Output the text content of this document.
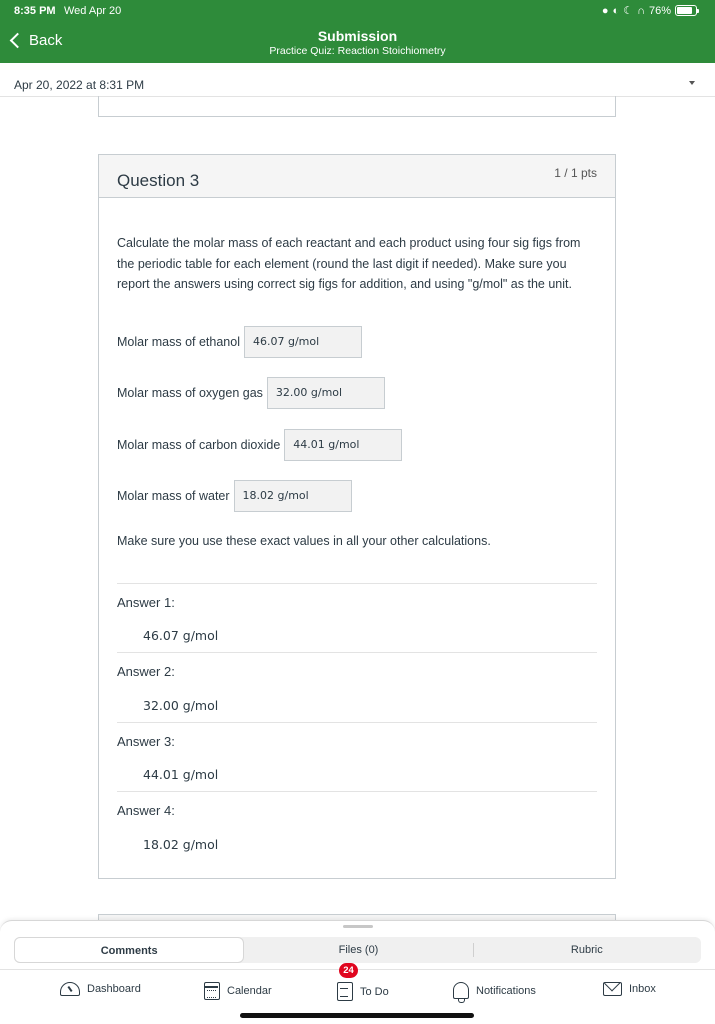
8:35 PM Wed Apr 20	● ◐ ☾ ∩ 76%
Back	Submission
Practice Quiz: Reaction Stoichiometry
Apr 20, 2022 at 8:31 PM
Question 3	1 / 1 pts
Calculate the molar mass of each reactant and each product using four sig figs from the periodic table for each element (round the last digit if needed). Make sure you report the answers using correct sig figs for addition, and using "g/mol" as the unit.
Molar mass of ethanol	46.07 g/mol
Molar mass of oxygen gas	32.00 g/mol
Molar mass of carbon dioxide	44.01 g/mol
Molar mass of water	18.02 g/mol
Make sure you use these exact values in all your other calculations.
Answer 1:
46.07 g/mol
Answer 2:
32.00 g/mol
Answer 3:
44.01 g/mol
Answer 4:
18.02 g/mol
Comments	Files (0)	Rubric
Dashboard	Calendar	To Do	Notifications	Inbox
24
